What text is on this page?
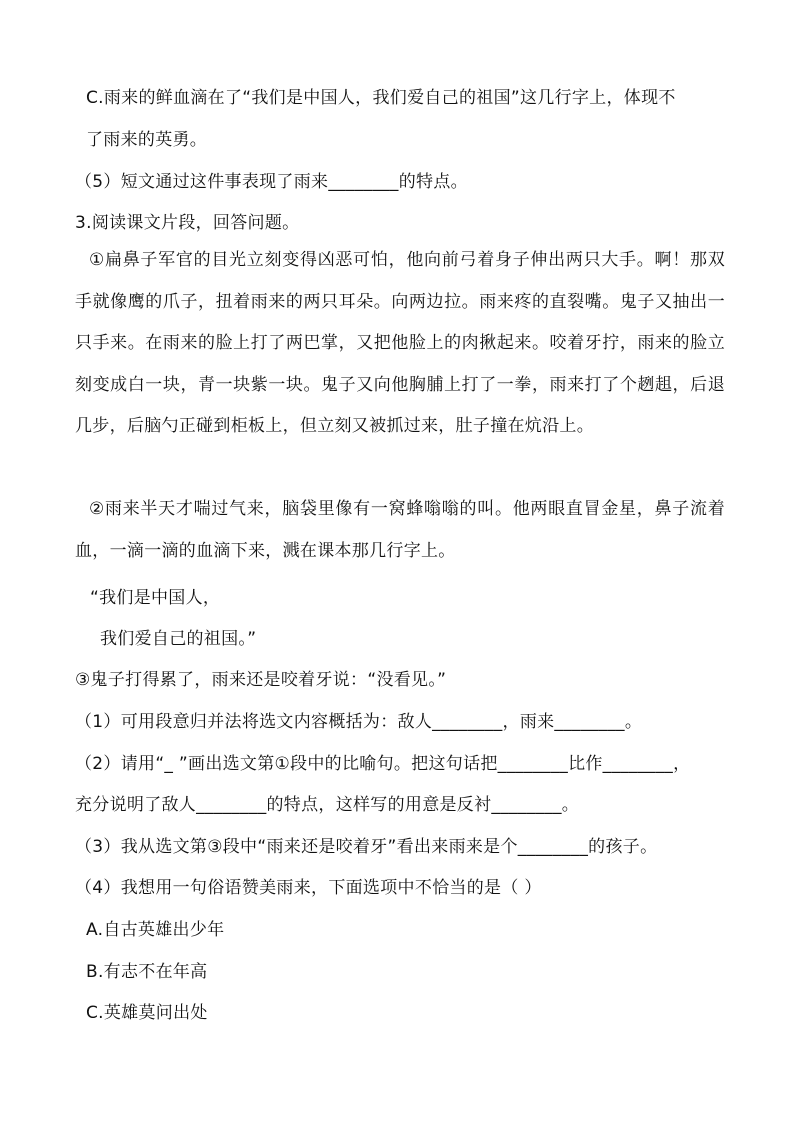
C.雨来的鲜血滴在了“我们是中国人，我们爱自己的祖国”这几行字上，体现不
了雨来的英勇。
（5）短文通过这件事表现了雨来________的特点。
3.阅读课文片段，回答问题。
①扁鼻子军官的目光立刻变得凶恶可怕，他向前弓着身子伸出两只大手。啊！那双手就像鹰的爪子，扭着雨来的两只耳朵。向两边拉。雨来疼的直裂嘴。鬼子又抽出一只手来。在雨来的脸上打了两巴掌，又把他脸上的肉揪起来。咬着牙拧，雨来的脸立刻变成白一块，青一块紫一块。鬼子又向他胸脯上打了一拳，雨来打了个趔趄，后退几步，后脑勺正碰到柜板上，但立刻又被抓过来，肚子撞在炕沿上。
②雨来半天才喘过气来，脑袋里像有一窝蜂嗡嗡的叫。他两眼直冒金星，鼻子流着血，一滴一滴的血滴下来，溅在课本那几行字上。
“我们是中国人，
我们爱自己的祖国。”
③鬼子打得累了，雨来还是咬着牙说：“没看见。”
（1）可用段意归并法将选文内容概括为：敌人________，雨来________。
（2）请用“_ ”画出选文第①段中的比喻句。把这句话把________比作________，
充分说明了敌人________的特点，这样写的用意是反衬________。
（3）我从选文第③段中“雨来还是咬着牙”看出来雨来是个________的孩子。
（4）我想用一句俗语赞美雨来，下面选项中不恰当的是（ ）
A.自古英雄出少年
B.有志不在年高
C.英雄莫问出处
